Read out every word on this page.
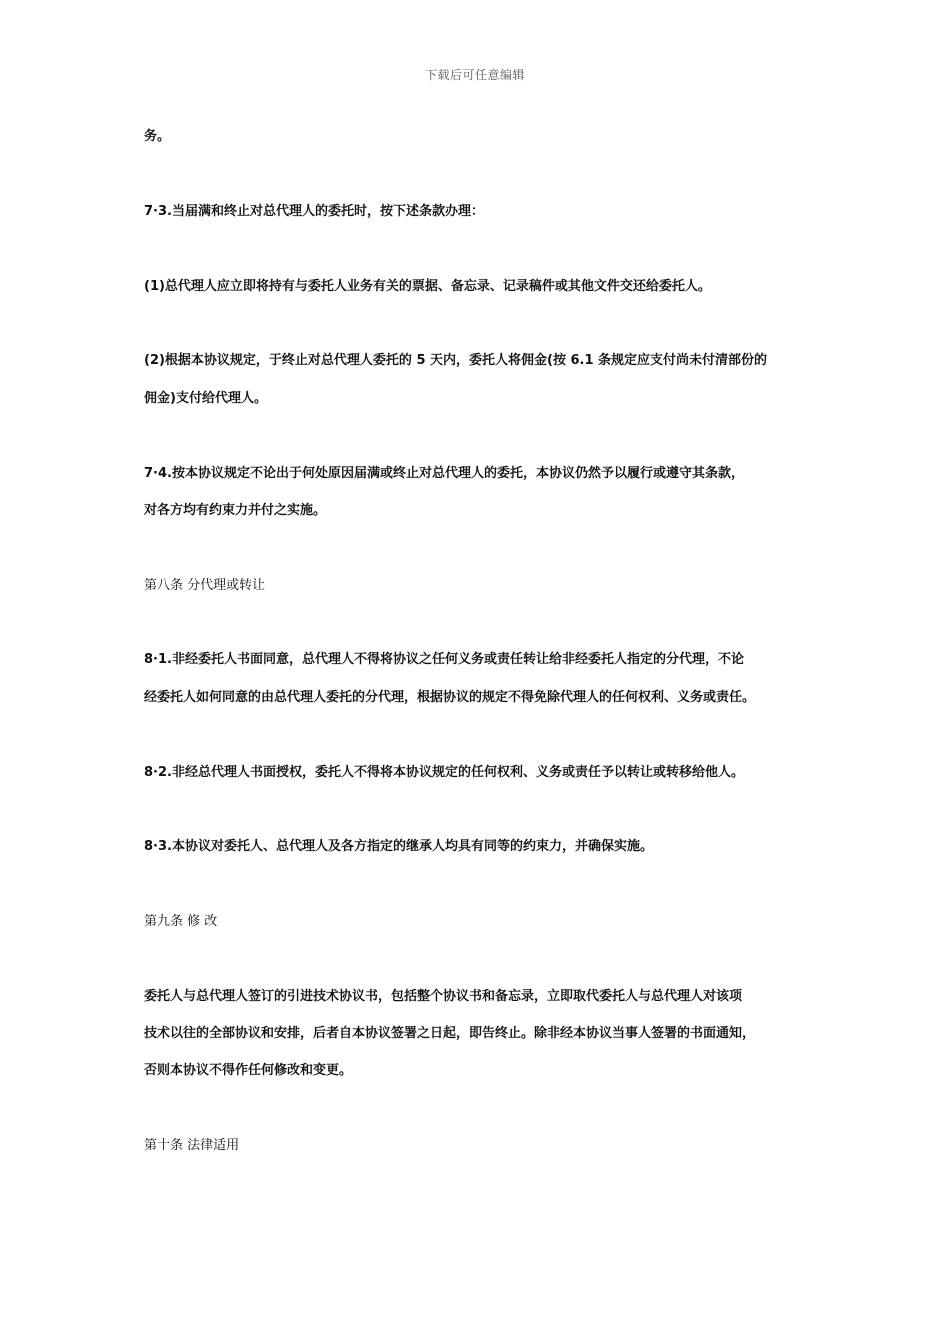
下载后可任意编辑
务。
7·3.当届满和终止对总代理人的委托时，按下述条款办理：
(1)总代理人应立即将持有与委托人业务有关的票据、备忘录、记录稿件或其他文件交还给委托人。
(2)根据本协议规定，于终止对总代理人委托的 5 天内，委托人将佣金(按 6.1 条规定应支付尚未付清部份的
佣金)支付给代理人。
7·4.按本协议规定不论出于何处原因届满或终止对总代理人的委托，本协议仍然予以履行或遵守其条款，
对各方均有约束力并付之实施。
第八条 分代理或转让
8·1.非经委托人书面同意，总代理人不得将协议之任何义务或责任转让给非经委托人指定的分代理，不论
经委托人如何同意的由总代理人委托的分代理，根据协议的规定不得免除代理人的任何权利、义务或责任。
8·2.非经总代理人书面授权，委托人不得将本协议规定的任何权利、义务或责任予以转让或转移给他人。
8·3.本协议对委托人、总代理人及各方指定的继承人均具有同等的约束力，并确保实施。
第九条 修 改
委托人与总代理人签订的引进技术协议书，包括整个协议书和备忘录，立即取代委托人与总代理人对该项
技术以往的全部协议和安排，后者自本协议签署之日起，即告终止。除非经本协议当事人签署的书面通知，
否则本协议不得作任何修改和变更。
第十条 法律适用
